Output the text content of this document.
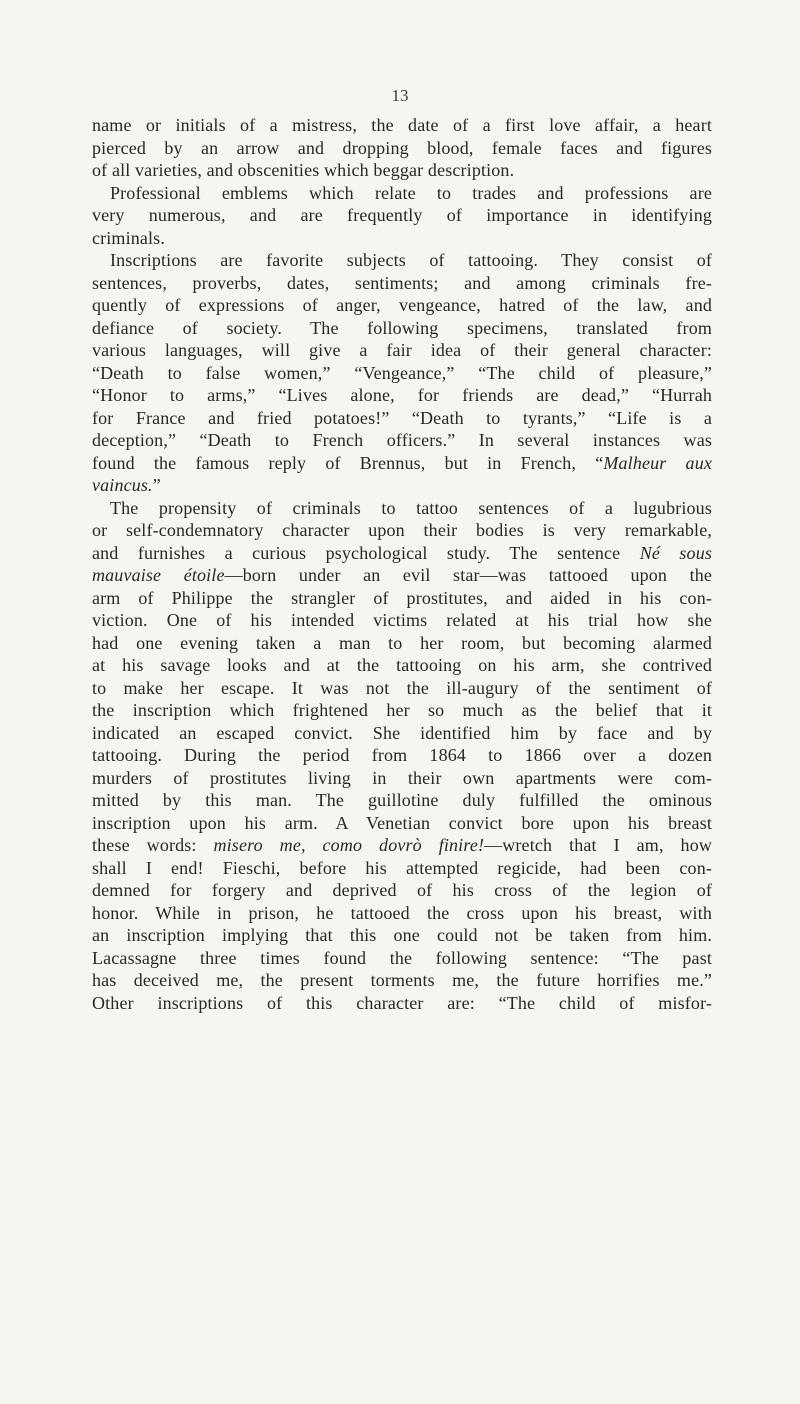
13
name or initials of a mistress, the date of a first love affair, a heart
pierced by an arrow and dropping blood, female faces and figures
of all varieties, and obscenities which beggar description.
Professional emblems which relate to trades and professions are
very numerous, and are frequently of importance in identifying
criminals.
Inscriptions are favorite subjects of tattooing. They consist of
sentences, proverbs, dates, sentiments; and among criminals fre-
quently of expressions of anger, vengeance, hatred of the law, and
defiance of society. The following specimens, translated from
various languages, will give a fair idea of their general character:
“Death to false women,” “Vengeance,” “The child of pleasure,”
“Honor to arms,” “Lives alone, for friends are dead,” “Hurrah
for France and fried potatoes!” “Death to tyrants,” “Life is a
deception,” “Death to French officers.” In several instances was
found the famous reply of Brennus, but in French, “Malheur aux
vaincus.”
The propensity of criminals to tattoo sentences of a lugubrious
or self-condemnatory character upon their bodies is very remarkable,
and furnishes a curious psychological study. The sentence Né sous
mauvaise étoile—born under an evil star—was tattooed upon the
arm of Philippe the strangler of prostitutes, and aided in his con-
viction. One of his intended victims related at his trial how she
had one evening taken a man to her room, but becoming alarmed
at his savage looks and at the tattooing on his arm, she contrived
to make her escape. It was not the ill-augury of the sentiment of
the inscription which frightened her so much as the belief that it
indicated an escaped convict. She identified him by face and by
tattooing. During the period from 1864 to 1866 over a dozen
murders of prostitutes living in their own apartments were com-
mitted by this man. The guillotine duly fulfilled the ominous
inscription upon his arm. A Venetian convict bore upon his breast
these words: misero me, como dovrò finire!—wretch that I am, how
shall I end! Fieschi, before his attempted regicide, had been con-
demned for forgery and deprived of his cross of the legion of
honor. While in prison, he tattooed the cross upon his breast, with
an inscription implying that this one could not be taken from him.
Lacassagne three times found the following sentence: “The past
has deceived me, the present torments me, the future horrifies me.”
Other inscriptions of this character are: “The child of misfor-
